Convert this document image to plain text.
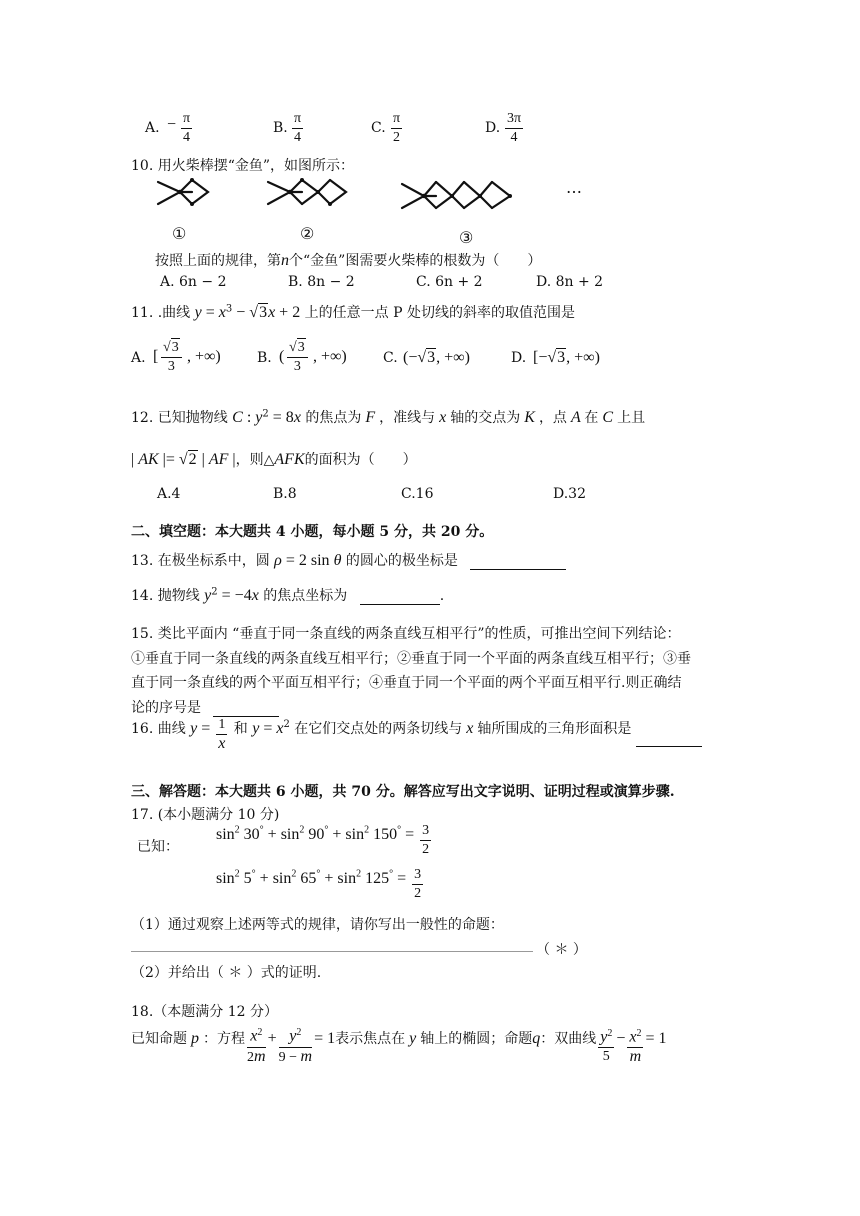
A. − $\frac{\pi}{4}$	B. $\frac{\pi}{4}$	C. $\frac{\pi}{2}$	D. $\frac{3\pi}{4}$
10. 用火柴棒摆“金鱼”，如图所示：
…
①	②	③
按照上面的规律，第n个“金鱼”图需要火柴棒的根数为（　　）
A. 6n − 2	B. 8n − 2	C. 6n + 2	D. 8n + 2
11. .曲线 $y = x^3 - √3x + 2$ 上的任意一点 P 处切线的斜率的取值范围是
A. [ $\frac{√3}{3}$ , +∞)	B. ( $\frac{√3}{3}$ , +∞)	C. (−√3, +∞)	D. [−√3, +∞)
12. 已知抛物线 C : $y^2 = 8x$ 的焦点为 F ，准线与 x 轴的交点为 K ，点 A 在 C 上且
| AK |= √2 | AF |，则△AFK的面积为（　　）
A.4	B.8	C.16	D.32
二、填空题：本大题共 4 小题，每小题 5 分，共 20 分。
13. 在极坐标系中，圆 ρ = 2 sin θ 的圆心的极坐标是
14. 抛物线 $y^2 = -4x$ 的焦点坐标为	.
15. 类比平面内 “垂直于同一条直线的两条直线互相平行”的性质，可推出空间下列结论：
①垂直于同一条直线的两条直线互相平行；②垂直于同一个平面的两条直线互相平行；③垂
直于同一条直线的两个平面互相平行；④垂直于同一个平面的两个平面互相平行.则正确结
论的序号是
16. 曲线 $y = \frac{1}{x}$ 和 $y = x^2$ 在它们交点处的两条切线与 x 轴所围成的三角形面积是
三、解答题：本大题共 6 小题，共 70 分。解答应写出文字说明、证明过程或演算步骤.
17. (本小题满分 10 分)
已知：
$\sin^2 30^\circ + \sin^2 90^\circ + \sin^2 150^\circ = \frac{3}{2}$
$\sin^2 5^\circ + \sin^2 65^\circ + \sin^2 125^\circ = \frac{3}{2}$
（1）通过观察上述两等式的规律，请你写出一般性的命题：
（ ＊ ）
（2）并给出（ ＊ ）式的证明.
18.（本题满分 12 分）
已知命题 p ：方程 $\frac{x^2}{2m} + \frac{y^2}{9 - m} = 1$表示焦点在 y 轴上的椭圆；命题q：双曲线 $\frac{y^2}{5} - \frac{x^2}{m} = 1$
